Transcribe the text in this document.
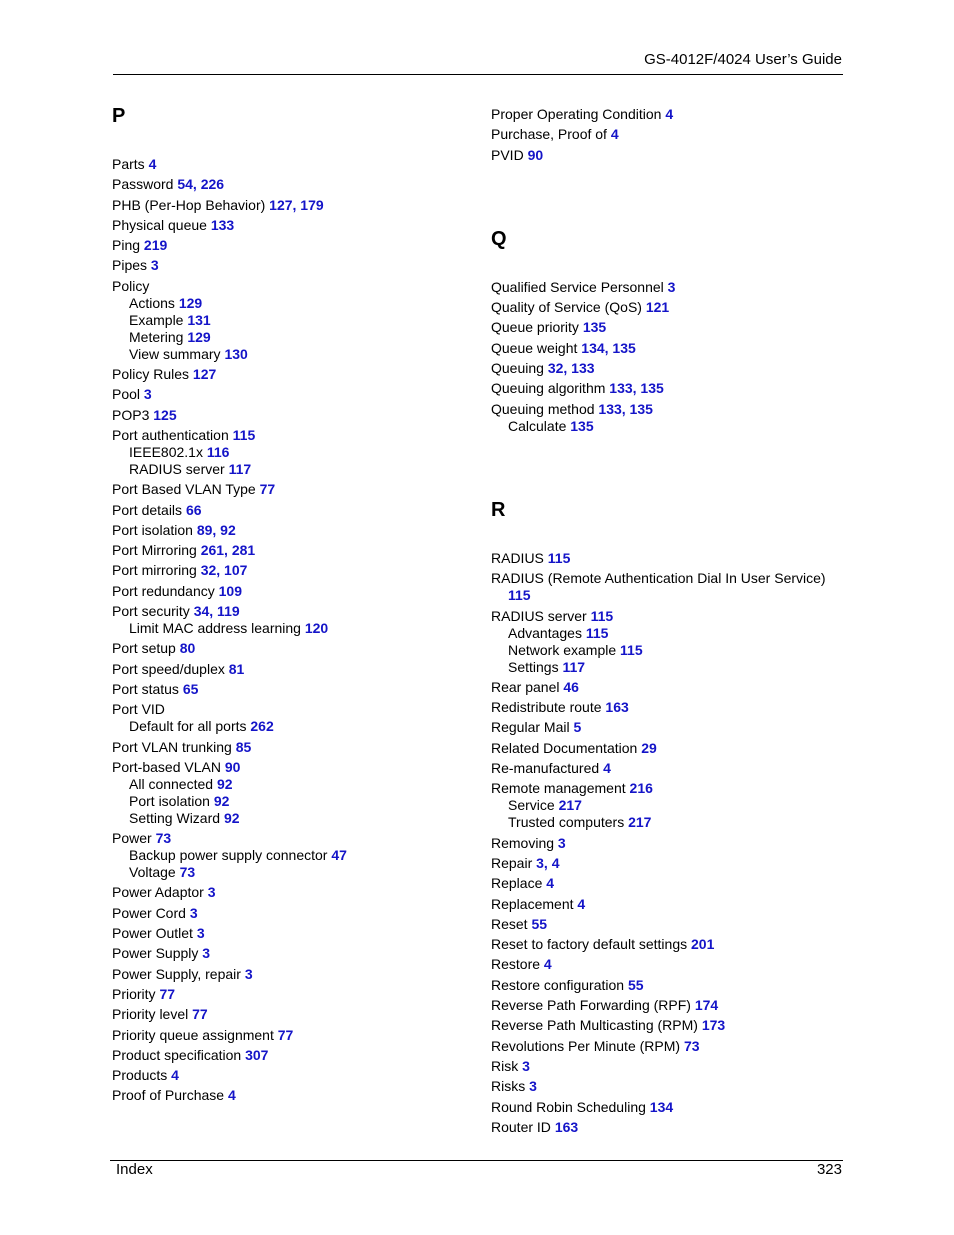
GS-4012F/4024 User’s Guide
P
Parts 4
Password 54, 226
PHB (Per-Hop Behavior) 127, 179
Physical queue 133
Ping 219
Pipes 3
Policy
Actions 129
Example 131
Metering 129
View summary 130
Policy Rules 127
Pool 3
POP3 125
Port authentication 115
IEEE802.1x 116
RADIUS server 117
Port Based VLAN Type 77
Port details 66
Port isolation 89, 92
Port Mirroring 261, 281
Port mirroring 32, 107
Port redundancy 109
Port security 34, 119
Limit MAC address learning 120
Port setup 80
Port speed/duplex 81
Port status 65
Port VID
Default for all ports 262
Port VLAN trunking 85
Port-based VLAN 90
All connected 92
Port isolation 92
Setting Wizard 92
Power 73
Backup power supply connector 47
Voltage 73
Power Adaptor 3
Power Cord 3
Power Outlet 3
Power Supply 3
Power Supply, repair 3
Priority 77
Priority level 77
Priority queue assignment 77
Product specification 307
Products 4
Proof of Purchase 4
Proper Operating Condition 4
Purchase, Proof of 4
PVID 90
Q
Qualified Service Personnel 3
Quality of Service (QoS) 121
Queue priority 135
Queue weight 134, 135
Queuing 32, 133
Queuing algorithm 133, 135
Queuing method 133, 135
Calculate 135
R
RADIUS 115
RADIUS (Remote Authentication Dial In User Service)
115
RADIUS server 115
Advantages 115
Network example 115
Settings 117
Rear panel 46
Redistribute route 163
Regular Mail 5
Related Documentation 29
Re-manufactured 4
Remote management 216
Service 217
Trusted computers 217
Removing 3
Repair 3, 4
Replace 4
Replacement 4
Reset 55
Reset to factory default settings 201
Restore 4
Restore configuration 55
Reverse Path Forwarding (RPF) 174
Reverse Path Multicasting (RPM) 173
Revolutions Per Minute (RPM) 73
Risk 3
Risks 3
Round Robin Scheduling 134
Router ID 163
Index	323
